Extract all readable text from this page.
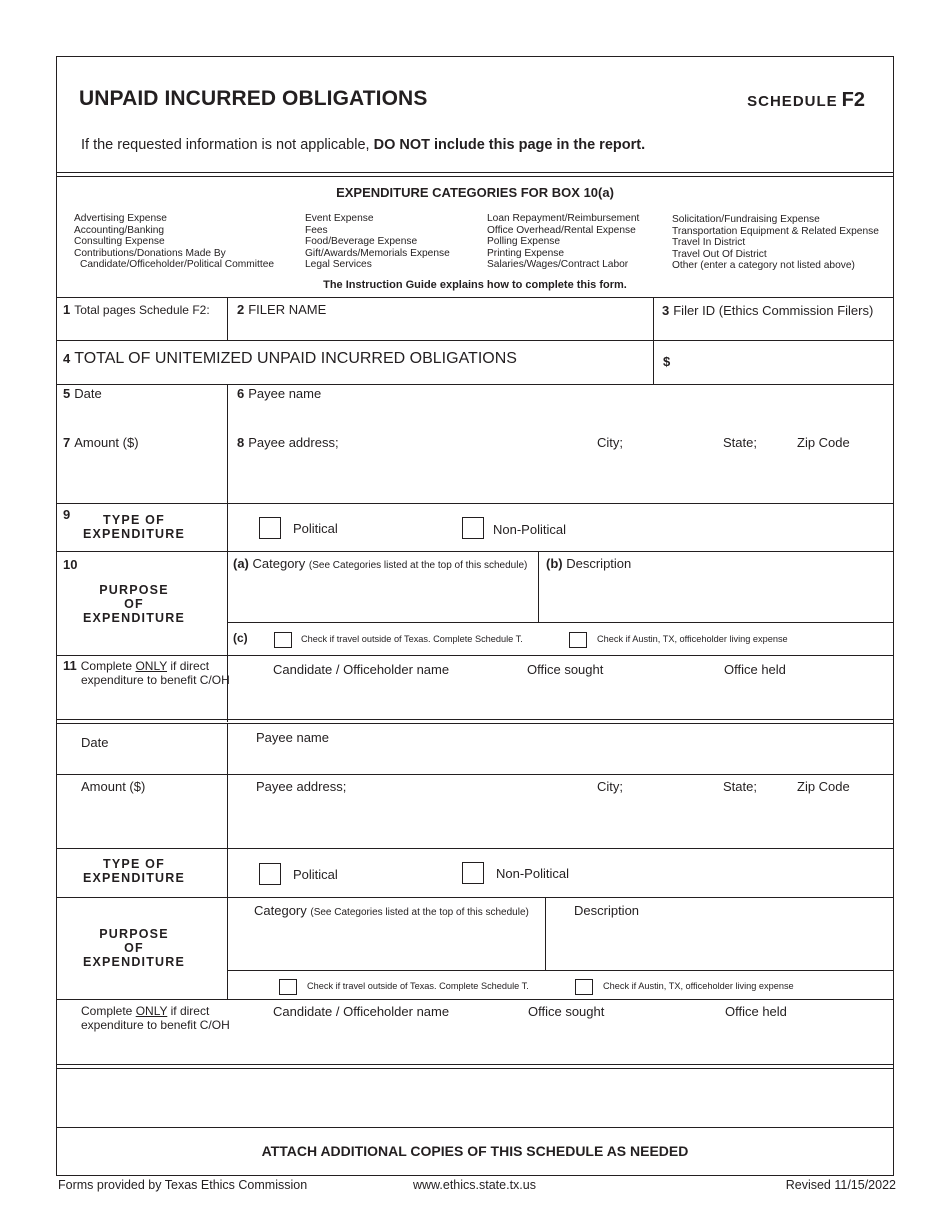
UNPAID INCURRED OBLIGATIONS	SCHEDULE F2
If the requested information is not applicable, DO NOT include this page in the report.
EXPENDITURE CATEGORIES FOR BOX 10(a)
Advertising Expense
Accounting/Banking
Consulting Expense
Contributions/Donations Made By
Candidate/Officeholder/Political Committee
Event Expense
Fees
Food/Beverage Expense
Gift/Awards/Memorials Expense
Legal Services
Loan Repayment/Reimbursement
Office Overhead/Rental Expense
Polling Expense
Printing Expense
Salaries/Wages/Contract Labor
Solicitation/Fundraising Expense
Transportation Equipment & Related Expense
Travel In District
Travel Out Of District
Other (enter a category not listed above)
The Instruction Guide explains how to complete this form.
1 Total pages Schedule F2: 2 FILER NAME	3 Filer ID (Ethics Commission Filers)
4 TOTAL OF UNITEMIZED UNPAID INCURRED OBLIGATIONS	$
5 Date	6 Payee name
7 Amount ($)	8 Payee address;	City;	State;	Zip Code
9	TYPE OF
EXPENDITURE	Political	Non-Political
10
PURPOSE
OF
EXPENDITURE
(a) Category (See Categories listed at the top of this schedule) (b) Description
(c)	Check if travel outside of Texas. Complete Schedule T.	Check if Austin, TX, officeholder living expense
11 Complete ONLY if direct
expenditure to benefit C/OH
Candidate / Officeholder name	Office sought	Office held
Date	Payee name
Amount ($)	Payee address;	City;	State;	Zip Code
TYPE OF
EXPENDITURE	Political	Non-Political
PURPOSE
OF
EXPENDITURE
Category (See Categories listed at the top of this schedule)	Description
Check if travel outside of Texas. Complete Schedule T.	Check if Austin, TX, officeholder living expense
Complete ONLY if direct
expenditure to benefit C/OH
Candidate / Officeholder name	Office sought	Office held
ATTACH ADDITIONAL COPIES OF THIS SCHEDULE AS NEEDED
Forms provided by Texas Ethics Commission	www.ethics.state.tx.us	Revised 11/15/2022
